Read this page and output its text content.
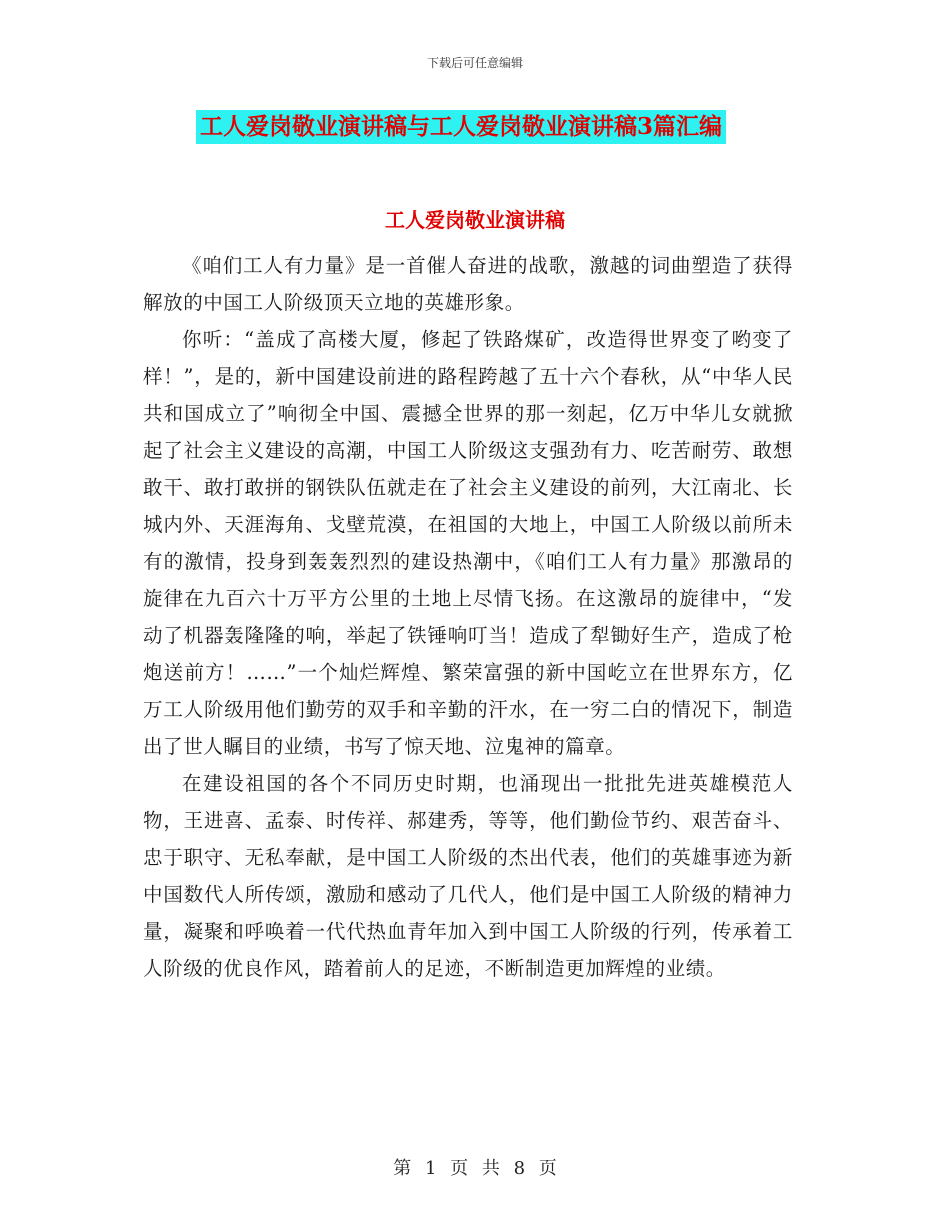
下载后可任意编辑
工人爱岗敬业演讲稿与工人爱岗敬业演讲稿3篇汇编
工人爱岗敬业演讲稿

《咱们工人有力量》是一首催人奋进的战歌，激越的词曲塑造了获得解放的中国工人阶级顶天立地的英雄形象。

你听：“盖成了高楼大厦，修起了铁路煤矿，改造得世界变了哟变了样！”，是的，新中国建设前进的路程跨越了五十六个春秋，从“中华人民共和国成立了”响彻全中国、震撼全世界的那一刻起，亿万中华儿女就掀起了社会主义建设的高潮，中国工人阶级这支强劲有力、吃苦耐劳、敢想敢干、敢打敢拼的钢铁队伍就走在了社会主义建设的前列，大江南北、长城内外、天涯海角、戈壁荒漠，在祖国的大地上，中国工人阶级以前所未有的激情，投身到轰轰烈烈的建设热潮中，《咱们工人有力量》那激昂的旋律在九百六十万平方公里的土地上尽情飞扬。在这激昂的旋律中，“发动了机器轰隆隆的响，举起了铁锤响叮当！造成了犁锄好生产，造成了枪炮送前方！……”一个灿烂辉煌、繁荣富强的新中国屹立在世界东方，亿万工人阶级用他们勤劳的双手和辛勤的汗水，在一穷二白的情况下，制造出了世人瞩目的业绩，书写了惊天地、泣鬼神的篇章。

在建设祖国的各个不同历史时期，也涌现出一批批先进英雄模范人物，王进喜、孟泰、时传祥、郝建秀，等等，他们勤俭节约、艰苦奋斗、忠于职守、无私奉献，是中国工人阶级的杰出代表，他们的英雄事迹为新中国数代人所传颂，激励和感动了几代人，他们是中国工人阶级的精神力量，凝聚和呼唤着一代代热血青年加入到中国工人阶级的行列，传承着工人阶级的优良作风，踏着前人的足迹，不断制造更加辉煌的业绩。

第 1 页 共 8 页
